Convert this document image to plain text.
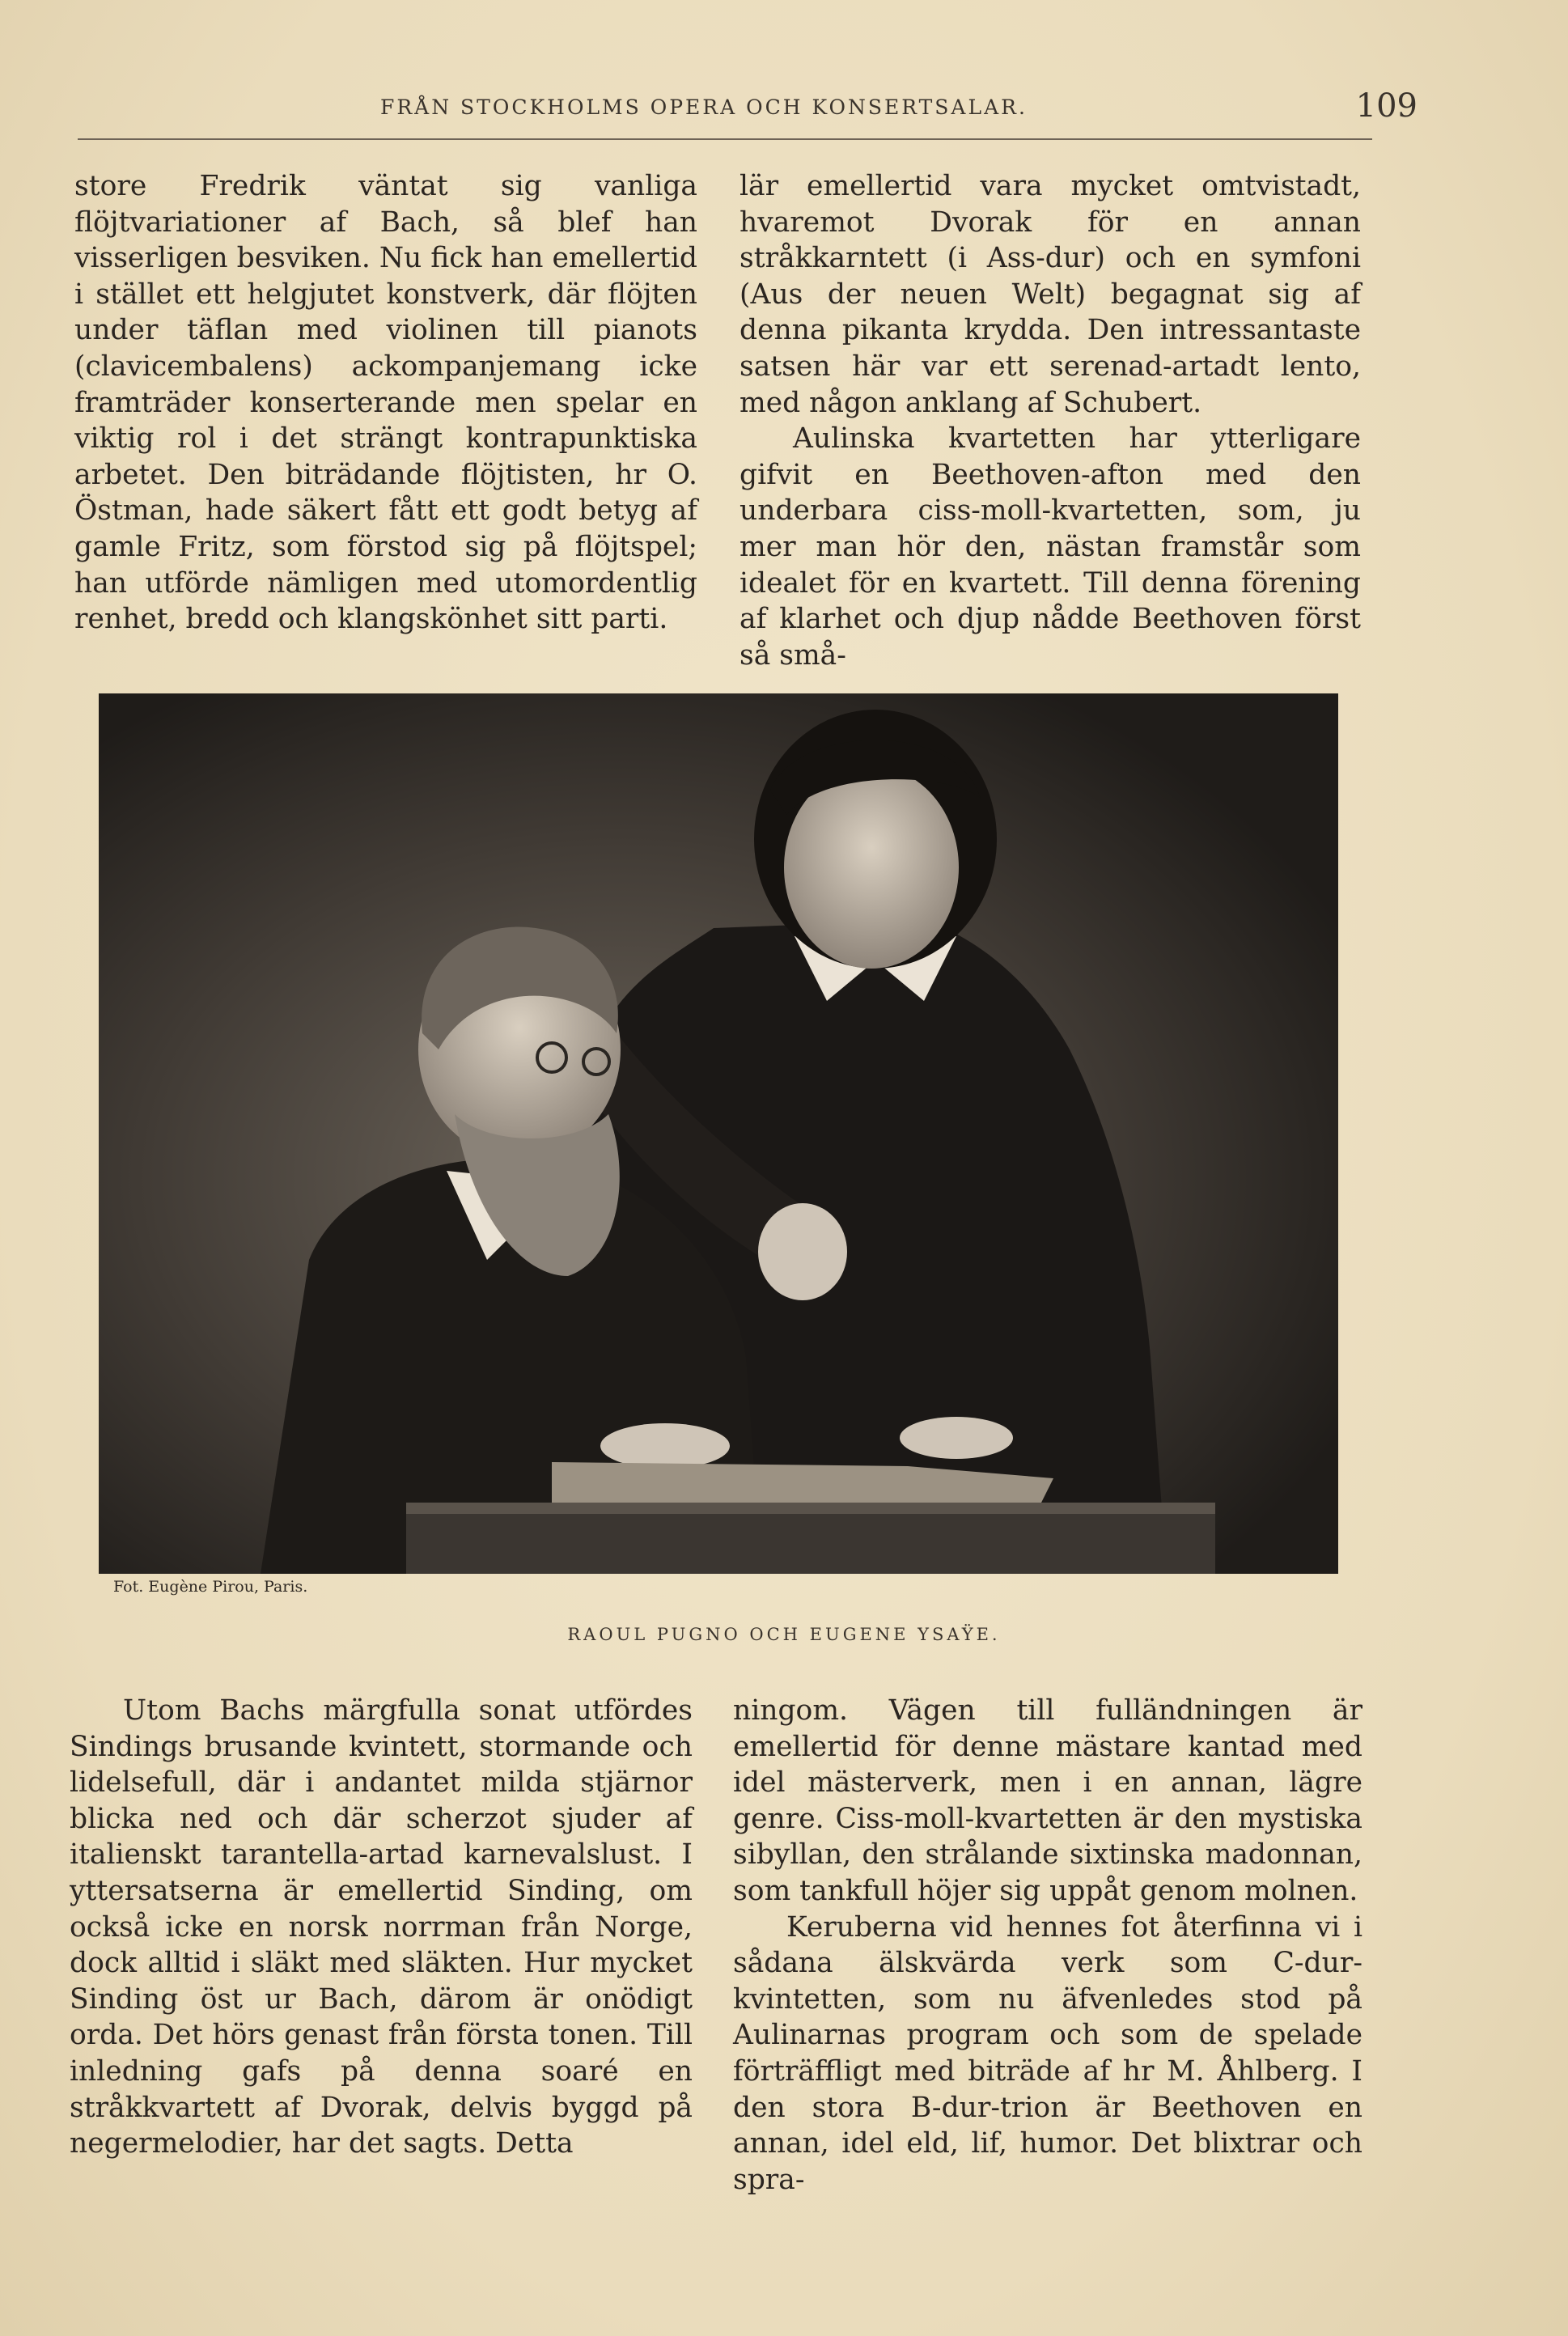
FRÅN STOCKHOLMS OPERA OCH KONSERTSALAR.	109

store Fredrik väntat sig vanliga flöjtvariationer af Bach, så blef han visserligen besviken. Nu fick han emellertid i stället ett helgjutet konstverk, där flöjten under täflan med violinen till pianots (clavicembalens) ackompanjemang icke framträder konserterande men spelar en viktig rol i det strängt kontrapunktiska arbetet. Den biträdande flöjtisten, hr O. Östman, hade säkert fått ett godt betyg af gamle Fritz, som förstod sig på flöjtspel; han utförde nämligen med utomordentlig renhet, bredd och klangskönhet sitt parti.

lär emellertid vara mycket omtvistadt, hvaremot Dvorak för en annan stråkkarntett (i Ass-dur) och en symfoni (Aus der neuen Welt) begagnat sig af denna pikanta krydda. Den intressantaste satsen här var ett serenad-artadt lento, med någon anklang af Schubert.

Aulinska kvartetten har ytterligare gifvit en Beethoven-afton med den underbara ciss-moll-kvartetten, som, ju mer man hör den, nästan framstår som idealet för en kvartett. Till denna förening af klarhet och djup nådde Beethoven först så små-

Fot. Eugène Pirou, Paris.
RAOUL PUGNO OCH EUGENE YSAŸE.

Utom Bachs märgfulla sonat utfördes Sindings brusande kvintett, stormande och lidelsefull, där i andantet milda stjärnor blicka ned och där scherzot sjuder af italienskt tarantella-artad karnevalslust. I yttersatserna är emellertid Sinding, om också icke en norsk norrman från Norge, dock alltid i släkt med släkten. Hur mycket Sinding öst ur Bach, därom är onödigt orda. Det hörs genast från första tonen. Till inledning gafs på denna soaré en stråkkvartett af Dvorak, delvis byggd på negermelodier, har det sagts. Detta

ningom. Vägen till fulländningen är emellertid för denne mästare kantad med idel mästerverk, men i en annan, lägre genre. Ciss-moll-kvartetten är den mystiska sibyllan, den strålande sixtinska madonnan, som tankfull höjer sig uppåt genom molnen.

Keruberna vid hennes fot återfinna vi i sådana älskvärda verk som C-dur-kvintetten, som nu äfvenledes stod på Aulinarnas program och som de spelade förträffligt med biträde af hr M. Åhlberg. I den stora B-dur-trion är Beethoven en annan, idel eld, lif, humor. Det blixtrar och spra-
